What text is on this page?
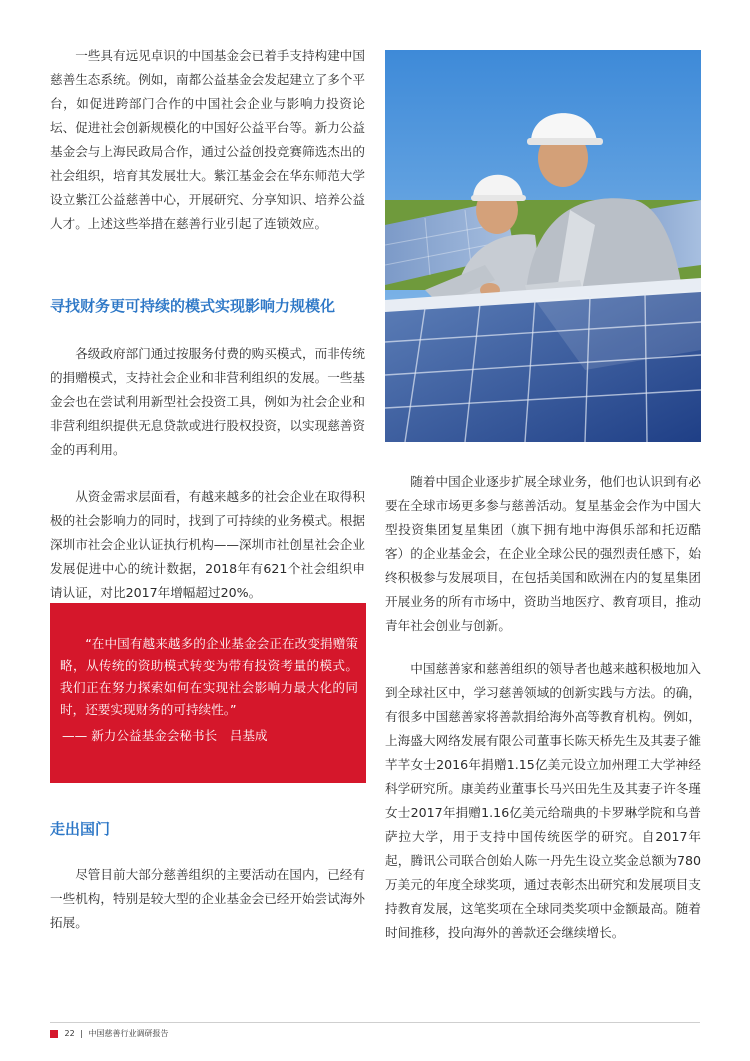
一些具有远见卓识的中国基金会已着手支持构建中国慈善生态系统。例如，南都公益基金会发起建立了多个平台，如促进跨部门合作的中国社会企业与影响力投资论坛、促进社会创新规模化的中国好公益平台等。新力公益基金会与上海民政局合作，通过公益创投竞赛筛选杰出的社会组织，培育其发展壮大。紫江基金会在华东师范大学设立紫江公益慈善中心，开展研究、分享知识、培养公益人才。上述这些举措在慈善行业引起了连锁效应。

寻找财务更可持续的模式实现影响力规模化

各级政府部门通过按服务付费的购买模式，而非传统的捐赠模式，支持社会企业和非营利组织的发展。一些基金会也在尝试利用新型社会投资工具，例如为社会企业和非营利组织提供无息贷款或进行股权投资，以实现慈善资金的再利用。

从资金需求层面看，有越来越多的社会企业在取得积极的社会影响力的同时，找到了可持续的业务模式。根据深圳市社会企业认证执行机构——深圳市社创星社会企业发展促进中心的统计数据，2018年有621个社会组织申请认证，对比2017年增幅超过20%。

“在中国有越来越多的企业基金会正在改变捐赠策略，从传统的资助模式转变为带有投资考量的模式。我们正在努力探索如何在实现社会影响力最大化的同时，还要实现财务的可持续性。”
—— 新力公益基金会秘书长　吕基成
走出国门

尽管目前大部分慈善组织的主要活动在国内，已经有一些机构，特别是较大型的企业基金会已经开始尝试海外拓展。

随着中国企业逐步扩展全球业务，他们也认识到有必要在全球市场更多参与慈善活动。复星基金会作为中国大型投资集团复星集团（旗下拥有地中海俱乐部和托迈酷客）的企业基金会，在企业全球公民的强烈责任感下，始终积极参与发展项目，在包括美国和欧洲在内的复星集团开展业务的所有市场中，资助当地医疗、教育项目，推动青年社会创业与创新。

中国慈善家和慈善组织的领导者也越来越积极地加入到全球社区中，学习慈善领域的创新实践与方法。的确，有很多中国慈善家将善款捐给海外高等教育机构。例如，上海盛大网络发展有限公司董事长陈天桥先生及其妻子雒芊芊女士2016年捐赠1.15亿美元设立加州理工大学神经科学研究所。康美药业董事长马兴田先生及其妻子许冬瑾女士2017年捐赠1.16亿美元给瑞典的卡罗琳学院和乌普萨拉大学，用于支持中国传统医学的研究。自2017年起，腾讯公司联合创始人陈一丹先生设立奖金总额为780万美元的年度全球奖项，通过表彰杰出研究和发展项目支持教育发展，这笔奖项在全球同类奖项中金额最高。随着时间推移，投向海外的善款还会继续增长。

22 | 中国慈善行业调研报告
